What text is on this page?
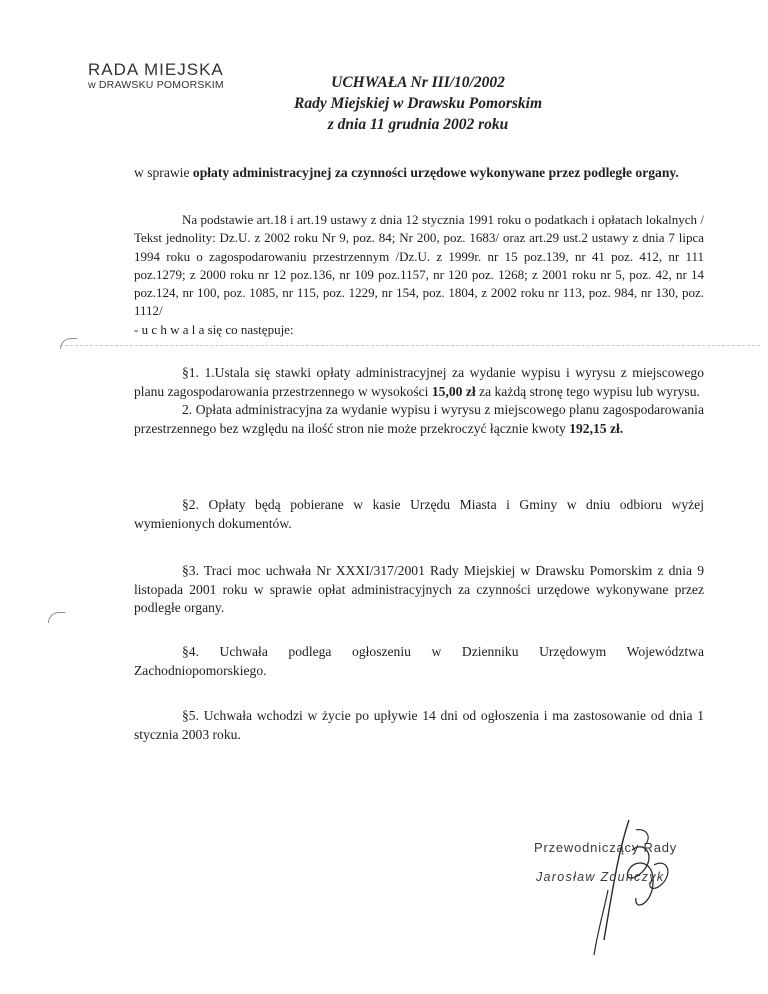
RADA MIEJSKA
w DRAWSKU POMORSKIM	UCHWAŁA Nr III/10/2002
Rady Miejskiej w Drawsku Pomorskim
z dnia 11 grudnia 2002 roku

w sprawie opłaty administracyjnej za czynności urzędowe wykonywane przez podległe organy.

Na podstawie art.18 i art.19 ustawy z dnia 12 stycznia 1991 roku o podatkach i opłatach lokalnych / Tekst jednolity: Dz.U. z 2002 roku Nr 9, poz. 84; Nr 200, poz. 1683/ oraz art.29 ust.2 ustawy z dnia 7 lipca 1994 roku o zagospodarowaniu przestrzennym /Dz.U. z 1999r. nr 15 poz.139, nr 41 poz. 412, nr 111 poz.1279; z 2000 roku nr 12 poz.136, nr 109 poz.1157, nr 120 poz. 1268; z 2001 roku nr 5, poz. 42, nr 14 poz.124, nr 100, poz. 1085, nr 115, poz. 1229, nr 154, poz. 1804, z 2002 roku nr 113, poz. 984, nr 130, poz. 1112/

- u c h w a l a się co następuje:

§1. 1.Ustala się stawki opłaty administracyjnej za wydanie wypisu i wyrysu z miejscowego planu zagospodarowania przestrzennego w wysokości 15,00 zł za każdą stronę tego wypisu lub wyrysu.

2. Opłata administracyjna za wydanie wypisu i wyrysu z miejscowego planu zagospodarowania przestrzennego bez względu na ilość stron nie może przekroczyć łącznie kwoty 192,15 zł.

§2. Opłaty będą pobierane w kasie Urzędu Miasta i Gminy w dniu odbioru wyżej wymienionych dokumentów.

§3. Traci moc uchwała Nr XXXI/317/2001 Rady Miejskiej w Drawsku Pomorskim z dnia 9 listopada 2001 roku w sprawie opłat administracyjnych za czynności urzędowe wykonywane przez podległe organy.

§4. Uchwała podlega ogłoszeniu w Dzienniku Urzędowym Województwa Zachodniopomorskiego.

§5. Uchwała wchodzi w życie po upływie 14 dni od ogłoszenia i ma zastosowanie od dnia 1 stycznia 2003 roku.

Przewodniczący Rady
Jarosław Zdunczyk
